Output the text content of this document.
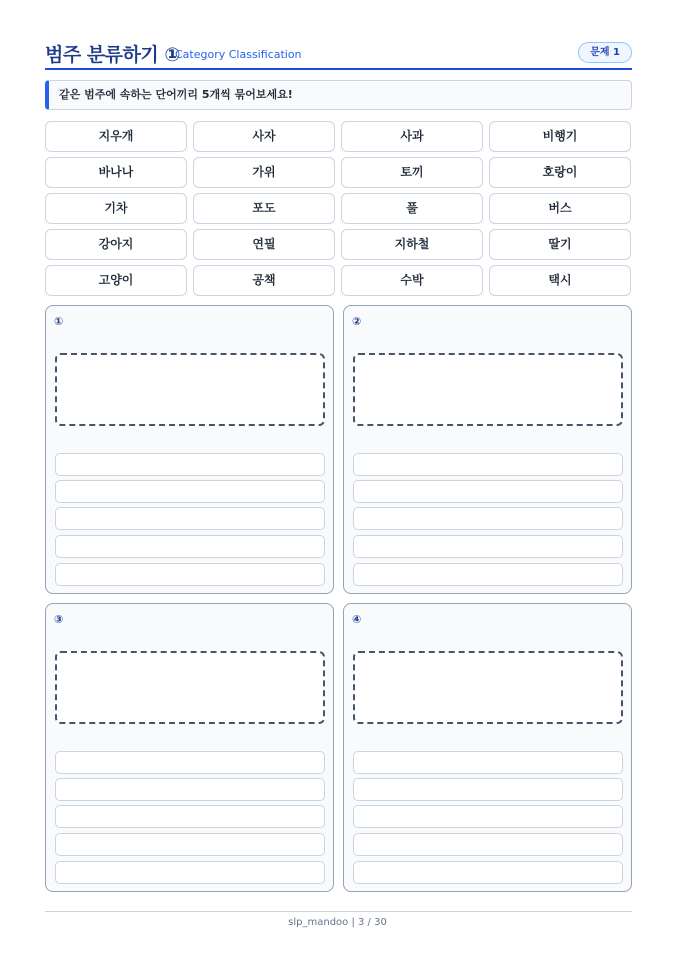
범주 분류하기 ①
Category Classification	문제 1
같은 범주에 속하는 단어끼리 5개씩 묶어보세요!
지우개	사자	사과	비행기
바나나	가위	토끼	호랑이
기차	포도	풀	버스
강아지	연필	지하철	딸기
고양이	공책	수박	택시
①	②
③	④
slp_mandoo | 3 / 30
